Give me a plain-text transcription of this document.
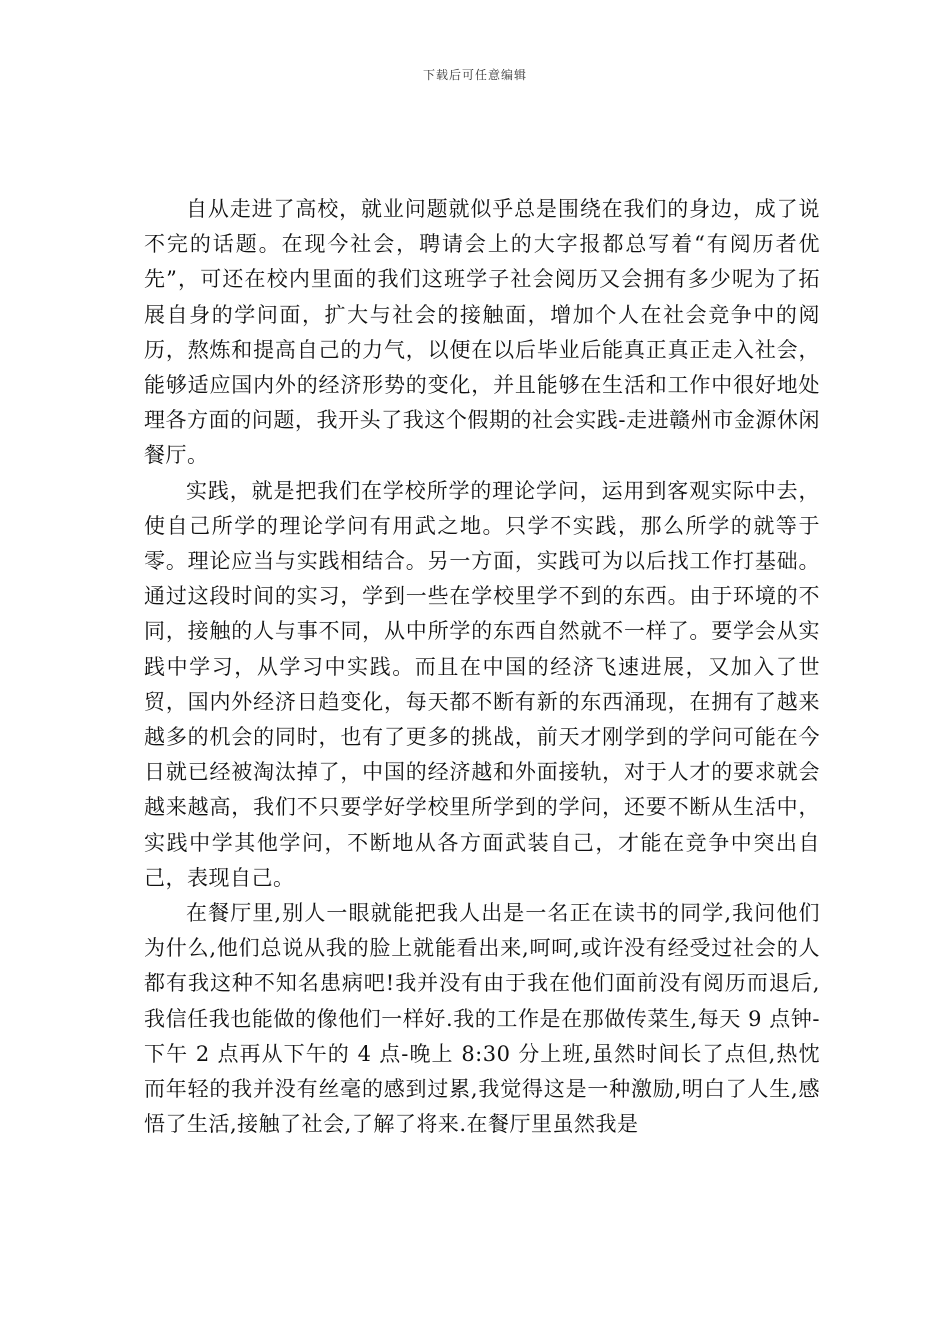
下载后可任意编辑

自从走进了高校，就业问题就似乎总是围绕在我们的身边，成了说不完的话题。在现今社会，聘请会上的大字报都总写着“有阅历者优先”，可还在校内里面的我们这班学子社会阅历又会拥有多少呢为了拓展自身的学问面，扩大与社会的接触面，增加个人在社会竞争中的阅历，熬炼和提高自己的力气，以便在以后毕业后能真正真正走入社会，能够适应国内外的经济形势的变化，并且能够在生活和工作中很好地处理各方面的问题，我开头了我这个假期的社会实践-走进赣州市金源休闲餐厅。

实践，就是把我们在学校所学的理论学问，运用到客观实际中去，使自己所学的理论学问有用武之地。只学不实践，那么所学的就等于零。理论应当与实践相结合。另一方面，实践可为以后找工作打基础。通过这段时间的实习，学到一些在学校里学不到的东西。由于环境的不同，接触的人与事不同，从中所学的东西自然就不一样了。要学会从实践中学习，从学习中实践。而且在中国的经济飞速进展，又加入了世贸，国内外经济日趋变化，每天都不断有新的东西涌现，在拥有了越来越多的机会的同时，也有了更多的挑战，前天才刚学到的学问可能在今日就已经被淘汰掉了，中国的经济越和外面接轨，对于人才的要求就会越来越高，我们不只要学好学校里所学到的学问，还要不断从生活中，实践中学其他学问，不断地从各方面武装自己，才能在竞争中突出自己，表现自己。

在餐厅里,别人一眼就能把我人出是一名正在读书的同学,我问他们为什么,他们总说从我的脸上就能看出来,呵呵,或许没有经受过社会的人都有我这种不知名患病吧!我并没有由于我在他们面前没有阅历而退后,我信任我也能做的像他们一样好.我的工作是在那做传菜生,每天 9 点钟-下午 2 点再从下午的 4 点-晚上 8:30 分上班,虽然时间长了点但,热忱而年轻的我并没有丝毫的感到过累,我觉得这是一种激励,明白了人生,感悟了生活,接触了社会,了解了将来.在餐厅里虽然我是
